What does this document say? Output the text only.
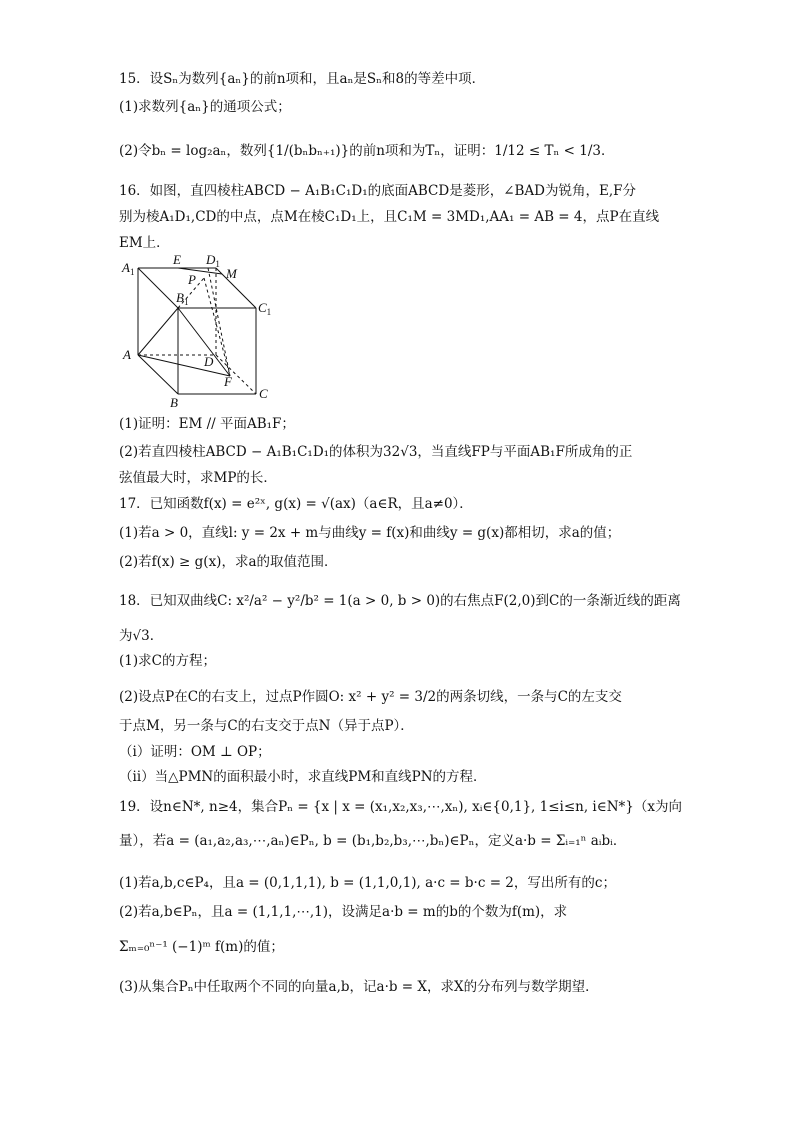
15．设Sₙ为数列{aₙ}的前n项和，且aₙ是Sₙ和8的等差中项．
(1)求数列{aₙ}的通项公式；
(2)令bₙ = log₂aₙ，数列{1/(bₙbₙ₊₁)}的前n项和为Tₙ，证明：1/12 ≤ Tₙ < 1/3．
16．如图，直四棱柱ABCD − A₁B₁C₁D₁的底面ABCD是菱形，∠BAD为锐角，E,F分
别为棱A₁D₁,CD的中点，点M在棱C₁D₁上，且C₁M = 3MD₁,AA₁ = AB = 4，点P在直线
EM上．
(1)证明：EM // 平面AB₁F；
(2)若直四棱柱ABCD − A₁B₁C₁D₁的体积为32√3，当直线FP与平面AB₁F所成角的正
弦值最大时，求MP的长．
17．已知函数f(x) = e²ˣ, g(x) = √(ax)（a∈R，且a≠0）．
(1)若a > 0，直线l: y = 2x + m与曲线y = f(x)和曲线y = g(x)都相切，求a的值；
(2)若f(x) ≥ g(x)，求a的取值范围．
18．已知双曲线C: x²/a² − y²/b² = 1(a > 0, b > 0)的右焦点F(2,0)到C的一条渐近线的距离
为√3．
(1)求C的方程；
(2)设点P在C的右支上，过点P作圆O: x² + y² = 3/2的两条切线，一条与C的左支交
于点M，另一条与C的右支交于点N（异于点P）．
（ⅰ）证明：OM ⊥ OP；
（ⅱ）当△PMN的面积最小时，求直线PM和直线PN的方程．
19．设n∈N*, n≥4，集合Pₙ = {x | x = (x₁,x₂,x₃,⋯,xₙ), xᵢ∈{0,1}, 1≤i≤n, i∈N*}（x为向
量），若a = (a₁,a₂,a₃,⋯,aₙ)∈Pₙ, b = (b₁,b₂,b₃,⋯,bₙ)∈Pₙ，定义a·b = Σᵢ₌₁ⁿ aᵢbᵢ．
(1)若a,b,c∈P₄，且a = (0,1,1,1), b = (1,1,0,1), a·c = b·c = 2，写出所有的c；
(2)若a,b∈Pₙ，且a = (1,1,1,⋯,1)，设满足a·b = m的b的个数为f(m)，求
Σₘ₌₀ⁿ⁻¹ (−1)ᵐ f(m)的值；
(3)从集合Pₙ中任取两个不同的向量a,b，记a·b = X，求X的分布列与数学期望．
$A_1$
E $D_1$
M
P
$B_1$	$C_1$
A	D
F
B
C
